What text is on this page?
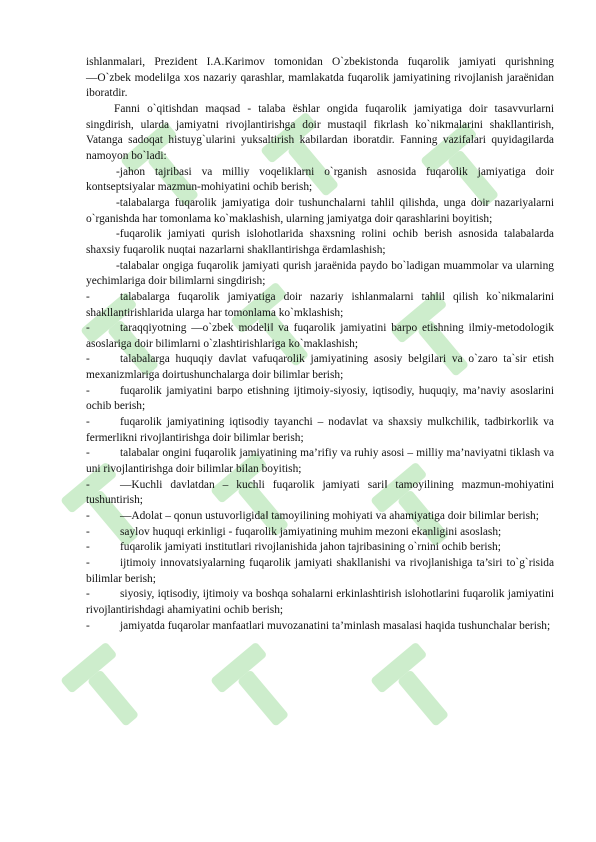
ishlanmalari, Prezident I.A.Karimov tomonidan O`zbekistonda fuqarolik jamiyati qurishning ―O`zbek modeli‖ga xos nazariy qarashlar, mamlakatda fuqarolik jamiyatining rivojlanish jaraёnidan iboratdir.

Fanni o`qitishdan maqsad - talaba ёshlar ongida fuqarolik jamiyatiga doir tasavvurlarni singdirish, ularda jamiyatni rivojlantirishga doir mustaqil fikrlash ko`nikmalarini shakllantirish, Vatanga sadoqat histuyg`ularini yuksaltirish kabilardan iboratdir. Fanning vazifalari quyidagilarda namoyon bo`ladi:

-jahon tajribasi va milliy voqeliklarni o`rganish asnosida fuqarolik jamiyatiga doir kontseptsiyalar mazmun-mohiyatini ochib berish;

-talabalarga fuqarolik jamiyatiga doir tushunchalarni tahlil qilishda, unga doir nazariyalarni o`rganishda har tomonlama ko`maklashish, ularning jamiyatga doir qarashlarini boyitish;

-fuqarolik jamiyati qurish islohotlarida shaxsning rolini ochib berish asnosida talabalarda shaxsiy fuqarolik nuqtai nazarlarni shakllantirishga ёrdamlashish;

-talabalar ongiga fuqarolik jamiyati qurish jaraёnida paydo bo`ladigan muammolar va ularning yechimlariga doir bilimlarni singdirish;

-	talabalarga fuqarolik jamiyatiga doir nazariy ishlanmalarni tahlil qilish ko`nikmalarini shakllantirishlarida ularga har tomonlama ko`mklashish;
-	taraqqiyotning ―o`zbek modeli‖ va fuqarolik jamiyatini barpo etishning ilmiy-metodologik asoslariga doir bilimlarni o`zlashtirishlariga ko`maklashish;
-	talabalarga huquqiy davlat vafuqarolik jamiyatining asosiy belgilari va o`zaro ta`sir etish mexanizmlariga doirtushunchalarga doir bilimlar berish;
-	fuqarolik jamiyatini barpo etishning ijtimoiy-siyosiy, iqtisodiy, huquqiy, ma’naviy asoslarini ochib berish;
-	fuqarolik jamiyatining iqtisodiy tayanchi – nodavlat va shaxsiy mulkchilik, tadbirkorlik va fermerlikni rivojlantirishga doir bilimlar berish;
-	talabalar ongini fuqarolik jamiyatining ma’rifiy va ruhiy asosi – milliy ma’naviyatni tiklash va uni rivojlantirishga doir bilimlar bilan boyitish;
-	―Kuchli davlatdan – kuchli fuqarolik jamiyati sari‖ tamoyilining mazmun-mohiyatini tushuntirish;
-	―Adolat – qonun ustuvorligida‖ tamoyilining mohiyati va ahamiyatiga doir bilimlar berish;
-	saylov huquqi erkinligi - fuqarolik jamiyatining muhim mezoni ekanligini asoslash;
-	fuqarolik jamiyati institutlari rivojlanishida jahon tajribasining o`rnini ochib berish;
-	ijtimoiy innovatsiyalarning fuqarolik jamiyati shakllanishi va rivojlanishiga ta’siri to`g`risida bilimlar berish;
-	siyosiy, iqtisodiy, ijtimoiy va boshqa sohalarni erkinlashtirish islohotlarini fuqarolik jamiyatini rivojlantirishdagi ahamiyatini ochib berish;
-	jamiyatda fuqarolar manfaatlari muvozanatini ta’minlash masalasi haqida tushunchalar berish;
